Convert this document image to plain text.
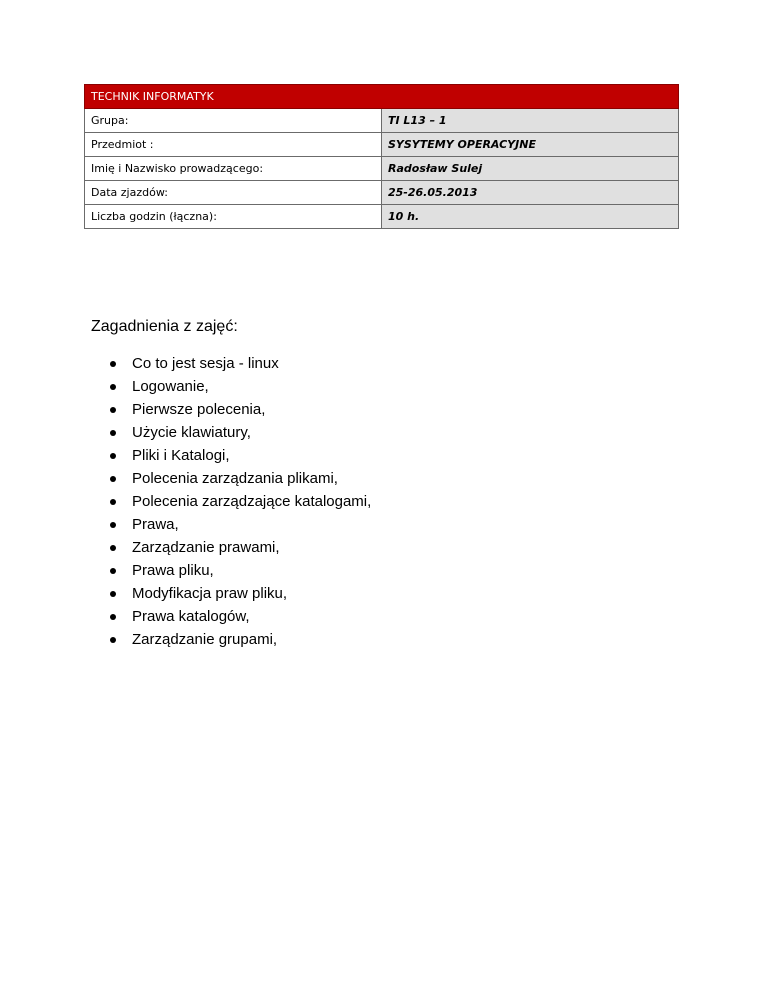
TECHNIK INFORMATYK	
Grupa:	TI L13 – 1
Przedmiot :	SYSYTEMY OPERACYJNE
Imię i Nazwisko prowadzącego:	Radosław Sulej
Data zjazdów:	25-26.05.2013
Liczba godzin (łączna):	10 h.
Zagadnienia z zajęć:
Co to jest sesja - linux
Logowanie,
Pierwsze polecenia,
Użycie klawiatury,
Pliki i Katalogi,
Polecenia zarządzania plikami,
Polecenia zarządzające katalogami,
Prawa,
Zarządzanie prawami,
Prawa pliku,
Modyfikacja praw pliku,
Prawa katalogów,
Zarządzanie grupami,
